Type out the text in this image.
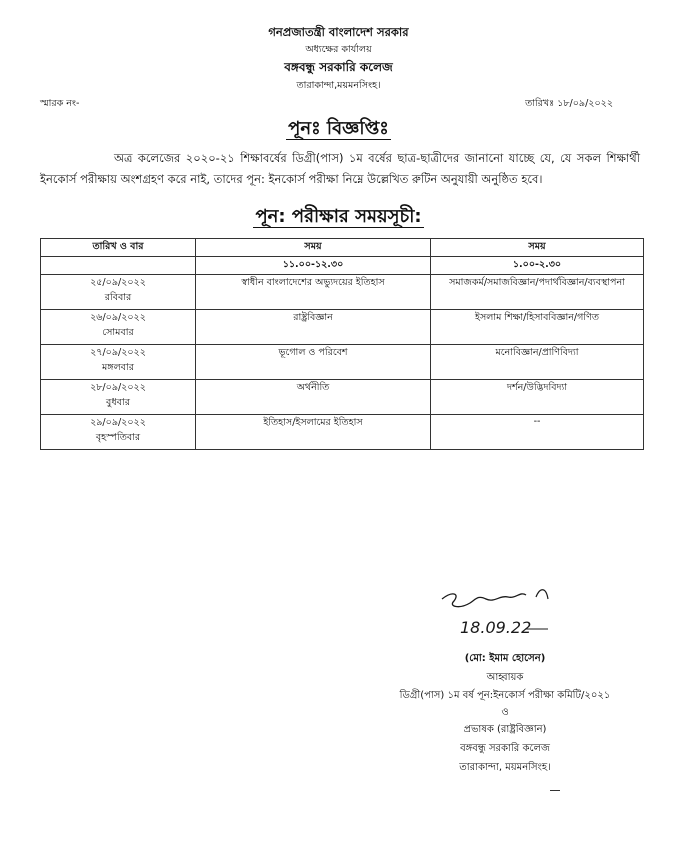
গনপ্রজাতন্ত্রী বাংলাদেশ সরকার
অধ্যক্ষের কার্যালয়
বঙ্গবন্ধু সরকারি কলেজ
তারাকান্দা,ময়মনসিংহ।
স্মারক নং-	তারিখঃ ১৮/০৯/২০২২
পূনঃ বিজ্ঞপ্তিঃ
অত্র কলেজের ২০২০-২১ শিক্ষাবর্ষের ডিগ্রী(পাস) ১ম বর্ষের ছাত্র-ছাত্রীদের জানানো যাচ্ছে যে, যে সকল শিক্ষার্থী ইনকোর্স পরীক্ষায় অংশগ্রহণ করে নাই, তাদের পূন: ইনকোর্স পরীক্ষা নিম্নে উল্লেখিত রুটিন অনুযায়ী অনুষ্ঠিত হবে।
পূন: পরীক্ষার সময়সূচী:
তারিখ ও বার	সময়	সময়
	১১.০০-১২.৩০	১.০০-২.৩০

২৫/০৯/২০২২
রবিবার	স্বাধীন বাংলাদেশের অভ্যুদয়ের ইতিহাস	সমাজকর্ম/সমাজবিজ্ঞান/পদার্থবিজ্ঞান/ব্যবস্থাপনা

২৬/০৯/২০২২
সোমবার	রাষ্ট্রবিজ্ঞান	ইসলাম শিক্ষা/হিসাববিজ্ঞান/গণিত

২৭/০৯/২০২২
মঙ্গলবার	ভূগোল ও পরিবেশ	মনোবিজ্ঞান/প্রাণিবিদ্যা

২৮/০৯/২০২২
বুধবার	অর্থনীতি	দর্শন/উদ্ভিদবিদ্যা

২৯/০৯/২০২২
বৃহস্পতিবার	ইতিহাস/ইসলামের ইতিহাস	--
18.09.22
(মো: ইমাম হোসেন)
আহ্বায়ক
ডিগ্রী(পাস) ১ম বর্ষ পূন:ইনকোর্স পরীক্ষা কমিটি/২০২১
ও
প্রভাষক (রাষ্ট্রবিজ্ঞান)
বঙ্গবন্ধু সরকারি কলেজ
তারাকান্দা, ময়মনসিংহ।
